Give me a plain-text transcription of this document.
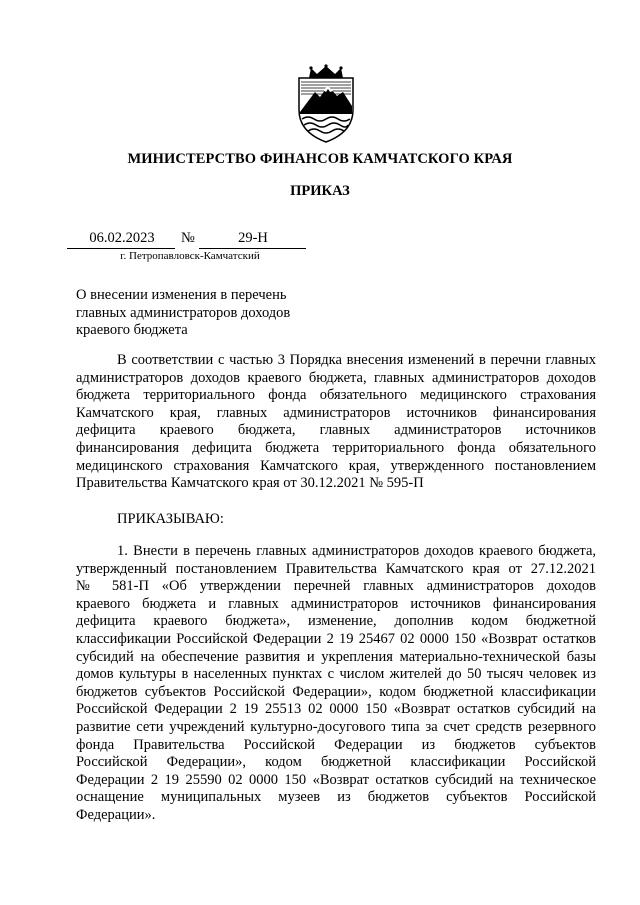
МИНИСТЕРСТВО ФИНАНСОВ КАМЧАТСКОГО КРАЯ
ПРИКАЗ
06.02.2023	№	29-Н
г. Петропавловск-Камчатский
О внесении изменения в перечень
главных администраторов доходов
краевого бюджета
В соответствии с частью 3 Порядка внесения изменений в перечни главных
администраторов доходов краевого бюджета, главных администраторов доходов
бюджета территориального фонда обязательного медицинского страхования
Камчатского края, главных администраторов источников финансирования
дефицита краевого бюджета, главных администраторов источников
финансирования дефицита бюджета территориального фонда обязательного
медицинского страхования Камчатского края, утвержденного постановлением
Правительства Камчатского края от 30.12.2021 № 595-П
ПРИКАЗЫВАЮ:
1. Внести в перечень главных администраторов доходов краевого бюджета,
утвержденный постановлением Правительства Камчатского края от 27.12.2021
№ 581-П «Об утверждении перечней главных администраторов доходов
краевого бюджета и главных администраторов источников финансирования
дефицита краевого бюджета», изменение, дополнив кодом бюджетной
классификации Российской Федерации 2 19 25467 02 0000 150 «Возврат остатков
субсидий на обеспечение развития и укрепления материально-технической базы
домов культуры в населенных пунктах с числом жителей до 50 тысяч человек из
бюджетов субъектов Российской Федерации», кодом бюджетной классификации
Российской Федерации 2 19 25513 02 0000 150 «Возврат остатков субсидий на
развитие сети учреждений культурно-досугового типа за счет средств резервного
фонда Правительства Российской Федерации из бюджетов субъектов
Российской Федерации», кодом бюджетной классификации Российской
Федерации 2 19 25590 02 0000 150 «Возврат остатков субсидий на техническое
оснащение муниципальных музеев из бюджетов субъектов Российской
Федерации».
